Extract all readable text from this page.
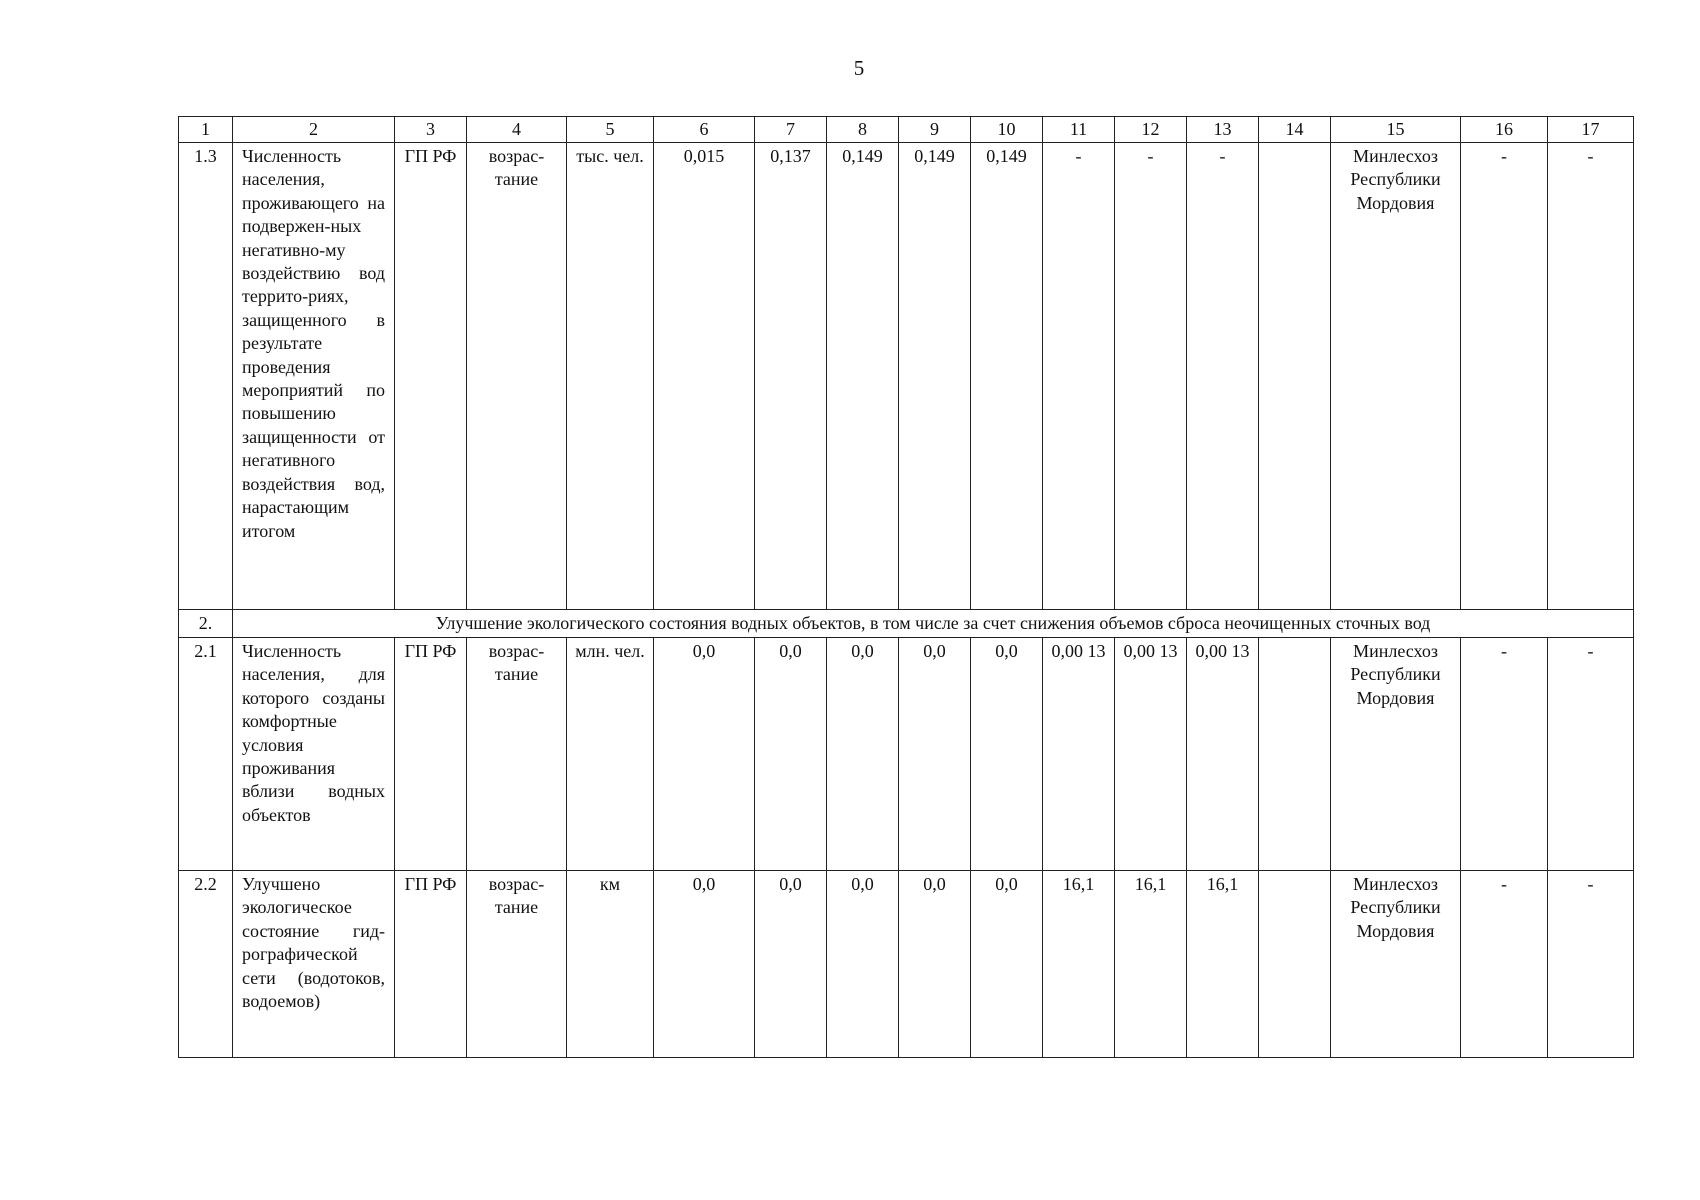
5
1	2	3	4	5	6	7	8	9	10	11	12	13	14	15	16	17
1.3	Численность населения, проживающего на подвержен-ных негативно-му воздействию вод террито-риях, защищенного в результате проведения мероприятий по повышению защищенности от негативного воздействия вод, нарастающим итогом	ГП РФ	возрас-тание	тыс. чел.	0,015	0,137	0,149	0,149	0,149	-	-	-		Минлесхоз Республики Мордовия	-	-
2.	Улучшение экологического состояния водных объектов, в том числе за счет снижения объемов сброса неочищенных сточных вод															
2.1	Численность населения, для которого созданы комфортные условия проживания вблизи водных объектов	ГП РФ	возрас-тание	млн. чел.	0,0	0,0	0,0	0,0	0,0	0,00 13	0,00 13	0,00 13		Минлесхоз Республики Мордовия	-	-
2.2	Улучшено экологическое состояние гид-рографической сети (водотоков, водоемов)	ГП РФ	возрас-тание	км	0,0	0,0	0,0	0,0	0,0	16,1	16,1	16,1		Минлесхоз Республики Мордовия	-	-
